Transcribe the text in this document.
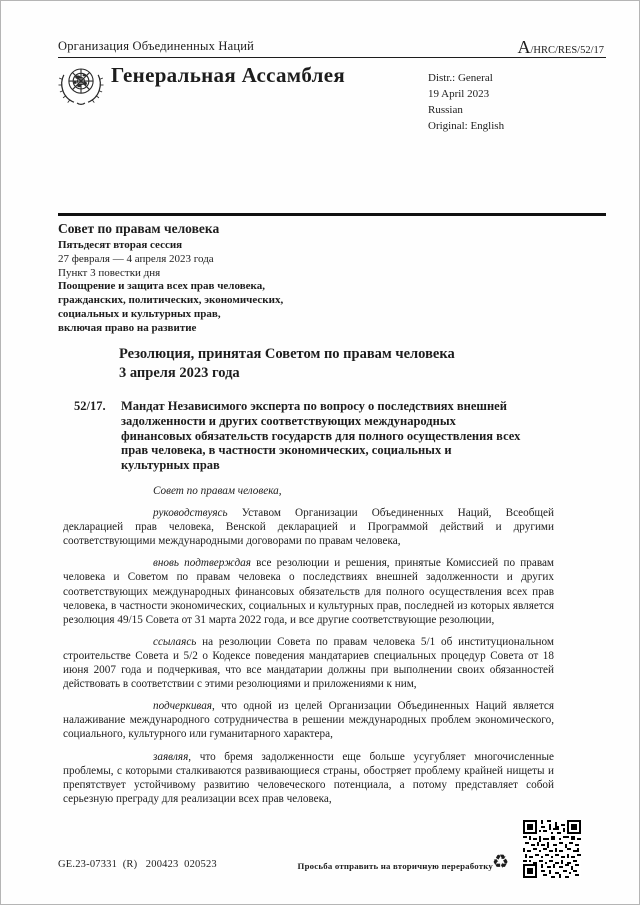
Организация Объединенных Наций	A/HRC/RES/52/17
Генеральная Ассамблея	Distr.: General
19 April 2023
Russian
Original: English
Совет по правам человека
Пятьдесят вторая сессия
27 февраля — 4 апреля 2023 года
Пункт 3 повестки дня
Поощрение и защита всех прав человека,
гражданских, политических, экономических,
социальных и культурных прав,
включая право на развитие
Резолюция, принятая Советом по правам человека
3 апреля 2023 года
52/17.	Мандат Независимого эксперта по вопросу о последствиях внешней задолженности и других соответствующих международных финансовых обязательств государств для полного осуществления всех прав человека, в частности экономических, социальных и культурных прав

Совет по правам человека,

руководствуясь Уставом Организации Объединенных Наций, Всеобщей декларацией прав человека, Венской декларацией и Программой действий и другими соответствующими международными договорами по правам человека,

вновь подтверждая все резолюции и решения, принятые Комиссией по правам человека и Советом по правам человека о последствиях внешней задолженности и других соответствующих международных финансовых обязательств для полного осуществления всех прав человека, в частности экономических, социальных и культурных прав, последней из которых является резолюция 49/15 Совета от 31 марта 2022 года, и все другие соответствующие резолюции,

ссылаясь на резолюции Совета по правам человека 5/1 об институциональном строительстве Совета и 5/2 о Кодексе поведения мандатариев специальных процедур Совета от 18 июня 2007 года и подчеркивая, что все мандатарии должны при выполнении своих обязанностей действовать в соответствии с этими резолюциями и приложениями к ним,

подчеркивая, что одной из целей Организации Объединенных Наций является налаживание международного сотрудничества в решении международных проблем экономического, социального, культурного или гуманитарного характера,

заявляя, что бремя задолженности еще больше усугубляет многочисленные проблемы, с которыми сталкиваются развивающиеся страны, обостряет проблему крайней нищеты и препятствует устойчивому развитию человеческого потенциала, а потому представляет собой серьезную преграду для реализации всех прав человека,

GE.23-07331  (R)   200423  020523	Просьба отправить на вторичную переработку ♻
